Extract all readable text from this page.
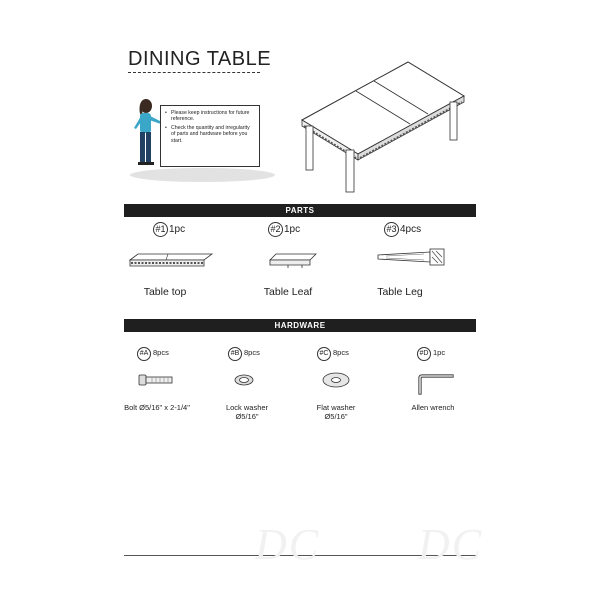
DINING TABLE
• Please keep instructions for future reference.
• Check the quantity and irregularity of parts and hardware before you start.
PARTS
#1 1pc
Table top
#2 1pc
Table Leaf
#3 4pcs
Table Leg
HARDWARE
#A 8pcs
Bolt Ø5/16" x 2-1/4"
#B 8pcs
Lock washer
Ø5/16"
#C 8pcs
Flat washer
Ø5/16"
#D 1pc
Allen wrench
DC DC
